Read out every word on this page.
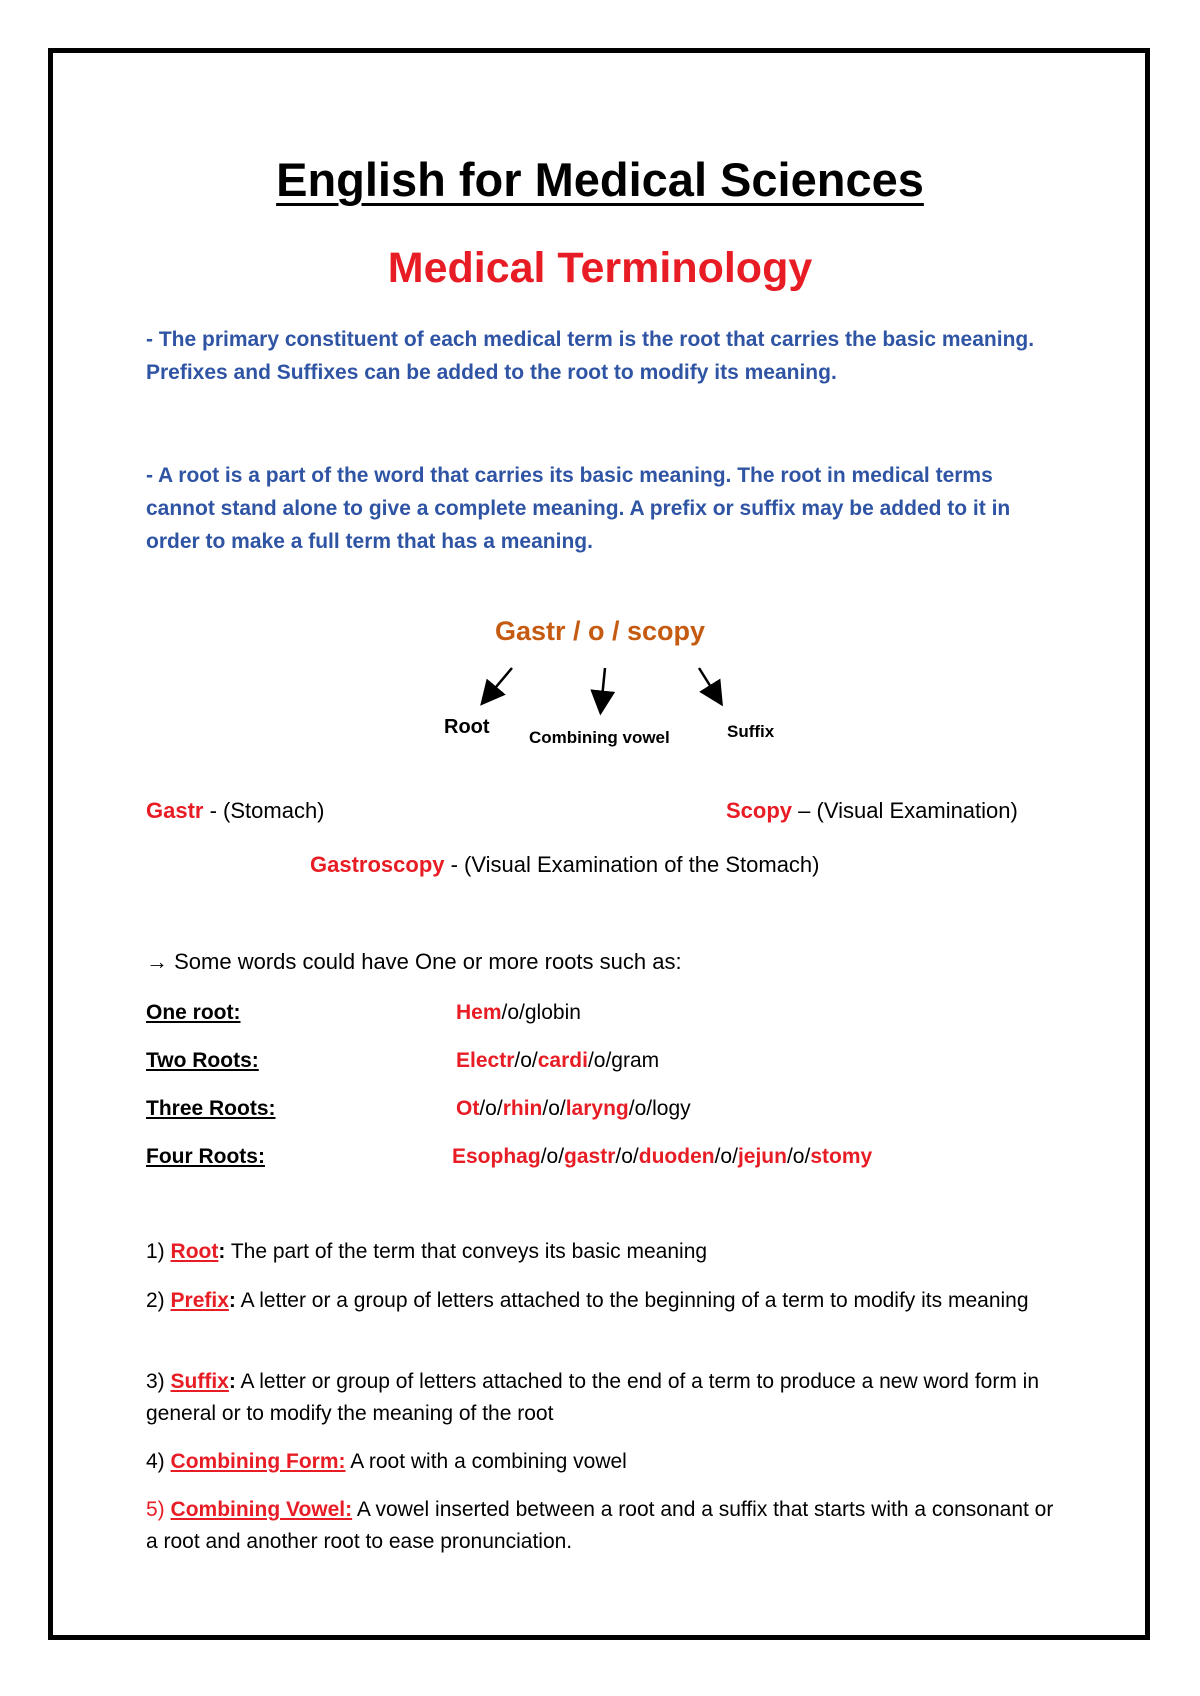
English for Medical Sciences
Medical Terminology
- The primary constituent of each medical term is the root that carries the basic meaning. Prefixes and Suffixes can be added to the root to modify its meaning.
- A root is a part of the word that carries its basic meaning. The root in medical terms cannot stand alone to give a complete meaning. A prefix or suffix may be added to it in order to make a full term that has a meaning.
Gastr / o / scopy
Root Combining vowel	Suffix
Gastr - (Stomach)	Scopy – (Visual Examination)
Gastroscopy - (Visual Examination of the Stomach)
→ Some words could have One or more roots such as:
One root:	Hem/o/globin
Two Roots:	Electr/o/cardi/o/gram
Three Roots:	Ot/o/rhin/o/laryng/o/logy
Four Roots:	Esophag/o/gastr/o/duoden/o/jejun/o/stomy
1) Root: The part of the term that conveys its basic meaning
2) Prefix: A letter or a group of letters attached to the beginning of a term to modify its meaning
3) Suffix: A letter or group of letters attached to the end of a term to produce a new word form in general or to modify the meaning of the root
4) Combining Form: A root with a combining vowel
5) Combining Vowel: A vowel inserted between a root and a suffix that starts with a consonant or a root and another root to ease pronunciation.
